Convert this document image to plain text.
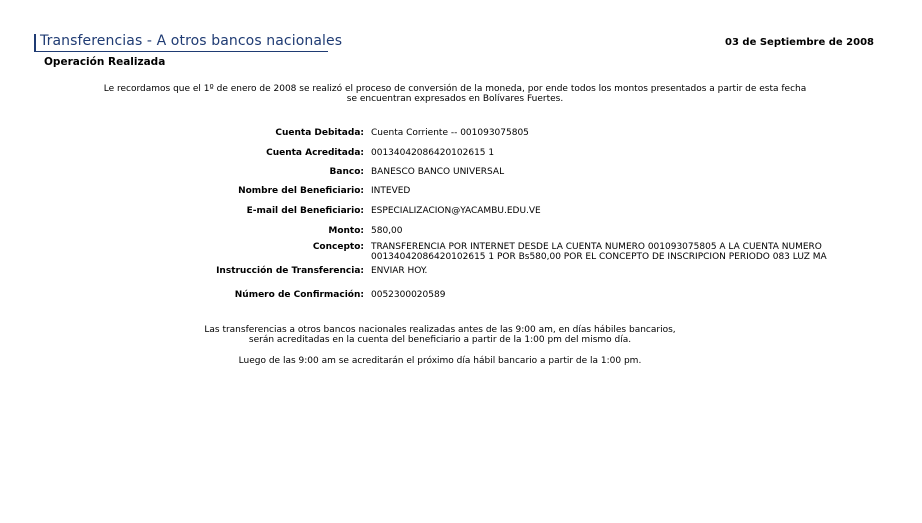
Transferencias - A otros bancos nacionales	03 de Septiembre de 2008
Operación Realizada
Le recordamos que el 1º de enero de 2008 se realizó el proceso de conversión de la moneda, por ende todos los montos presentados a partir de esta fecha
se encuentran expresados en Bolívares Fuertes.
Cuenta Debitada: Cuenta Corriente -- 001093075805
Cuenta Acreditada: 00134042086420102615 1
Banco: BANESCO BANCO UNIVERSAL
Nombre del Beneficiario: INTEVED
E-mail del Beneficiario: ESPECIALIZACION@YACAMBU.EDU.VE
Monto: 580,00
Concepto: TRANSFERENCIA POR INTERNET DESDE LA CUENTA NUMERO 001093075805 A LA CUENTA NUMERO
00134042086420102615 1 POR Bs580,00 POR EL CONCEPTO DE INSCRIPCION PERIODO 083 LUZ MA
Instrucción de Transferencia: ENVIAR HOY.
Número de Confirmación: 0052300020589
Las transferencias a otros bancos nacionales realizadas antes de las 9:00 am, en días hábiles bancarios,
serán acreditadas en la cuenta del beneficiario a partir de la 1:00 pm del mismo día.
Luego de las 9:00 am se acreditarán el próximo día hábil bancario a partir de la 1:00 pm.
